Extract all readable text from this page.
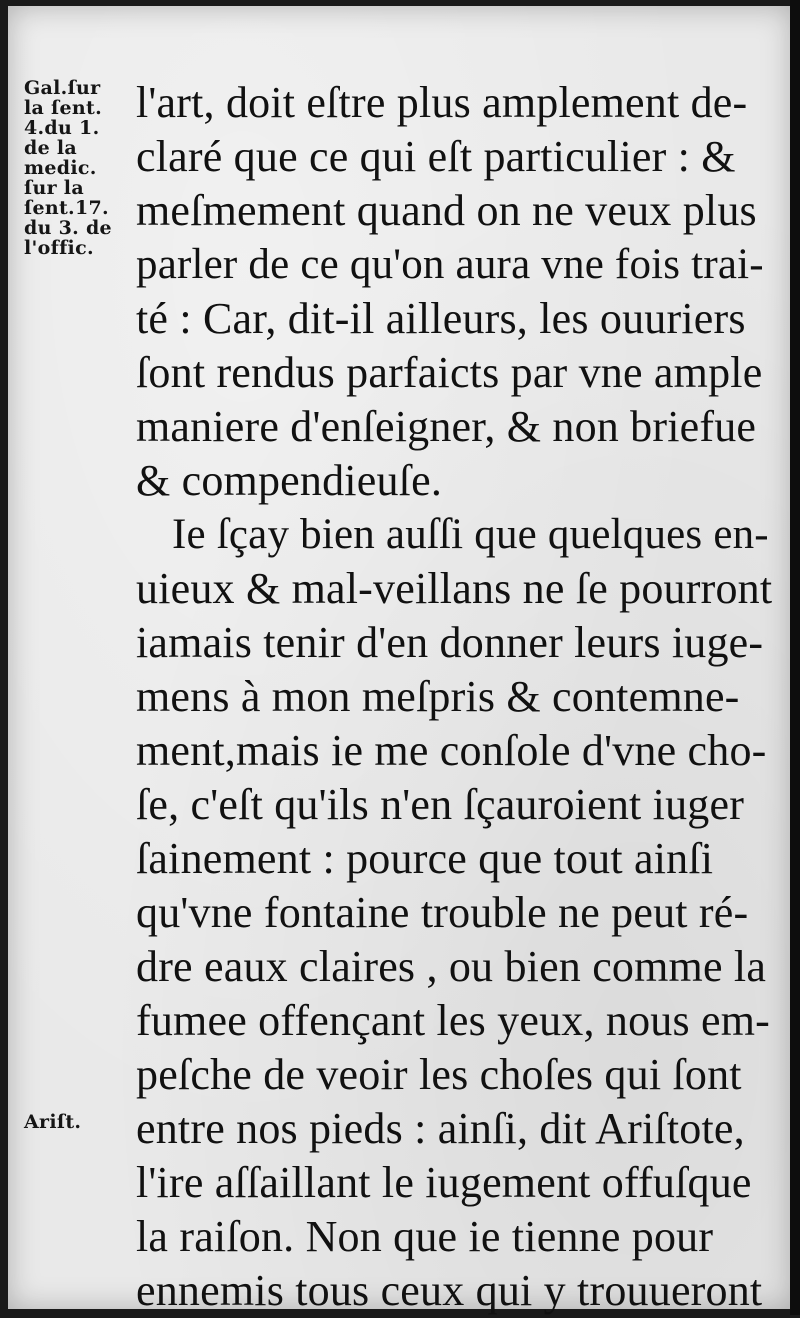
Gal.ſur
la ſent.
4.du 1.
de la
medic.
ſur la
ſent.17.
du 3. de
l'offic.
Ariſt.
l'art, doit eſtre plus amplement de-
claré que ce qui eſt particulier : &
meſmement quand on ne veux plus
parler de ce qu'on aura vne fois trai-
té : Car, dit-il ailleurs, les ouuriers
ſont rendus parfaicts par vne ample
maniere d'enſeigner, & non briefue
& compendieuſe.
Ie ſçay bien auſſi que quelques en-
uieux & mal-veillans ne ſe pourront
iamais tenir d'en donner leurs iuge-
mens à mon meſpris & contemne-
ment,mais ie me conſole d'vne cho-
ſe, c'eſt qu'ils n'en ſçauroient iuger
ſainement : pource que tout ainſi
qu'vne fontaine trouble ne peut ré-
dre eaux claires , ou bien comme la
fumee offençant les yeux, nous em-
peſche de veoir les choſes qui ſont
entre nos pieds : ainſi, dit Ariſtote,
l'ire aſſaillant le iugement offuſque
la raiſon. Non que ie tienne pour
ennemis tous ceux qui y trouueront
